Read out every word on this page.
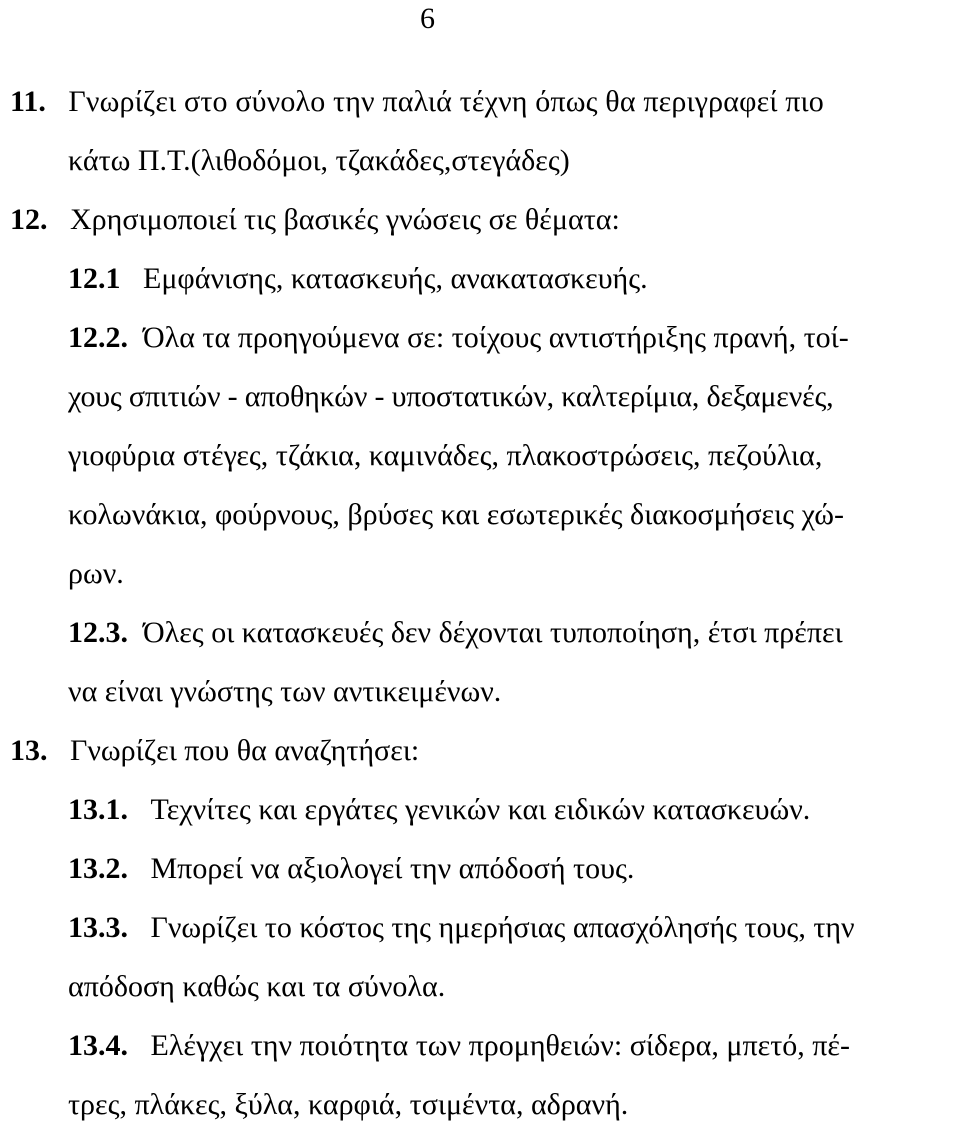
6
11. Γνωρίζει στο σύνολο την παλιά τέχνη όπως θα περιγραφεί πιο
κάτω Π.Τ.(λιθοδόμοι, τζακάδες,στεγάδες)
12. Χρησιμοποιεί τις βασικές γνώσεις σε θέματα:
12.1 Εμφάνισης, κατασκευής, ανακατασκευής.
12.2. Όλα τα προηγούμενα σε: τοίχους αντιστήριξης πρανή, τοί-
χους σπιτιών - αποθηκών - υποστατικών, καλτερίμια, δεξαμενές,
γιοφύρια στέγες, τζάκια, καμινάδες, πλακοστρώσεις, πεζούλια,
κολωνάκια, φούρνους, βρύσες και εσωτερικές διακοσμήσεις χώ-
ρων.
12.3. Όλες οι κατασκευές δεν δέχονται τυποποίηση, έτσι πρέπει
να είναι γνώστης των αντικειμένων.
13. Γνωρίζει που θα αναζητήσει:
13.1. Τεχνίτες και εργάτες γενικών και ειδικών κατασκευών.
13.2. Μπορεί να αξιολογεί την απόδοσή τους.
13.3. Γνωρίζει το κόστος της ημερήσιας απασχόλησής τους, την
απόδοση καθώς και τα σύνολα.
13.4. Ελέγχει την ποιότητα των προμηθειών: σίδερα, μπετό, πέ-
τρες, πλάκες, ξύλα, καρφιά, τσιμέντα, αδρανή.
